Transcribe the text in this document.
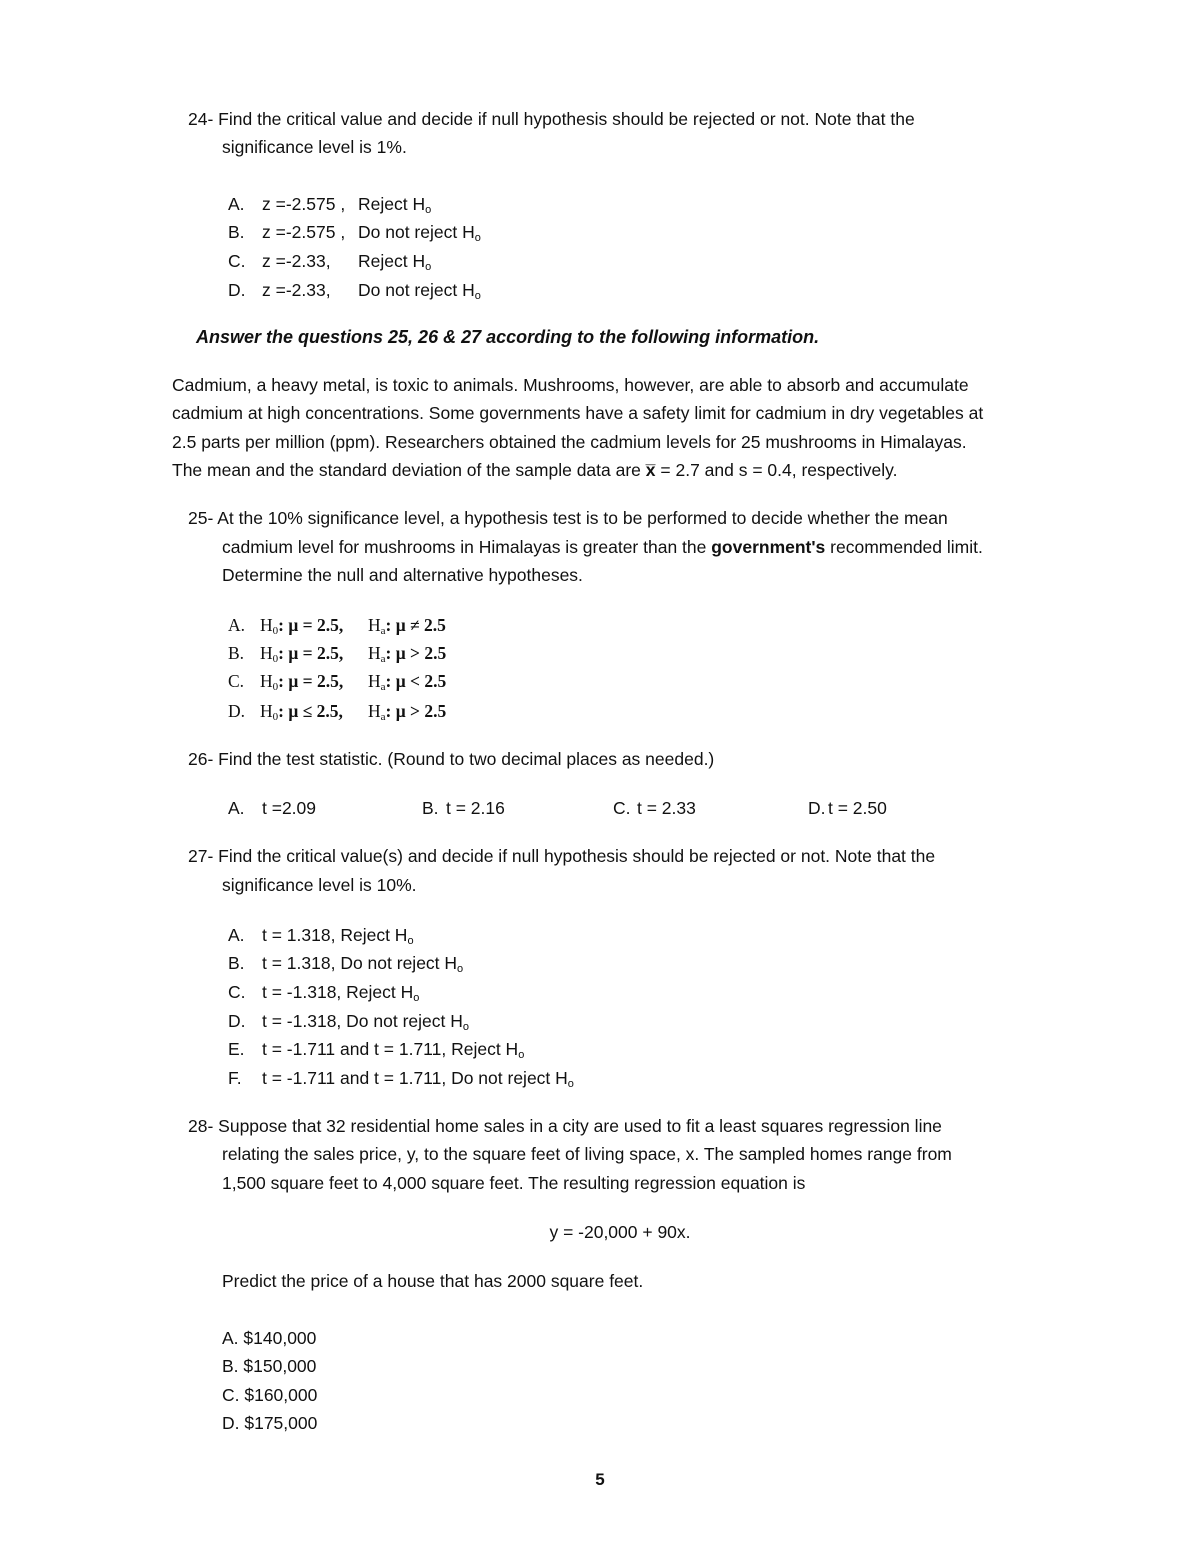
24- Find the critical value and decide if null hypothesis should be rejected or not. Note that the
significance level is 1%.
A. z =-2.575 , Reject $H_o$
B. z =-2.575 , Do not reject $H_o$
C. z =-2.33,	Reject $H_o$
D. z =-2.33,	Do not reject $H_o$
Answer the questions 25, 26 & 27 according to the following information.
Cadmium, a heavy metal, is toxic to animals. Mushrooms, however, are able to absorb and accumulate
cadmium at high concentrations. Some governments have a safety limit for cadmium in dry vegetables at
2.5 parts per million (ppm). Researchers obtained the cadmium levels for 25 mushrooms in Himalayas.
The mean and the standard deviation of the sample data are x̅ = 2.7 and s = 0.4, respectively.
25- At the 10% significance level, a hypothesis test is to be performed to decide whether the mean
cadmium level for mushrooms in Himalayas is greater than the government's recommended limit.
Determine the null and alternative hypotheses.
A. $H_0$: μ = 2.5, $H_a$: μ ≠ 2.5
B. $H_0$: μ = 2.5, $H_a$: μ > 2.5
C. $H_0$: μ = 2.5, $H_a$: μ < 2.5
D. $H_0$: μ ≤ 2.5, $H_a$: μ > 2.5
26- Find the test statistic. (Round to two decimal places as needed.)
A. t =2.09	B. t = 2.16	C. t = 2.33	D. t = 2.50
27- Find the critical value(s) and decide if null hypothesis should be rejected or not. Note that the
significance level is 10%.
A. t = 1.318, Reject $H_o$
B. t = 1.318, Do not reject $H_o$
C. t = -1.318, Reject $H_o$
D. t = -1.318, Do not reject $H_o$
E. t = -1.711 and t = 1.711, Reject $H_o$
F. t = -1.711 and t = 1.711, Do not reject $H_o$
28- Suppose that 32 residential home sales in a city are used to fit a least squares regression line
relating the sales price, y, to the square feet of living space, x. The sampled homes range from
1,500 square feet to 4,000 square feet. The resulting regression equation is
y = -20,000 + 90x.
Predict the price of a house that has 2000 square feet.
A. $140,000
B. $150,000
C. $160,000
D. $175,000
5
